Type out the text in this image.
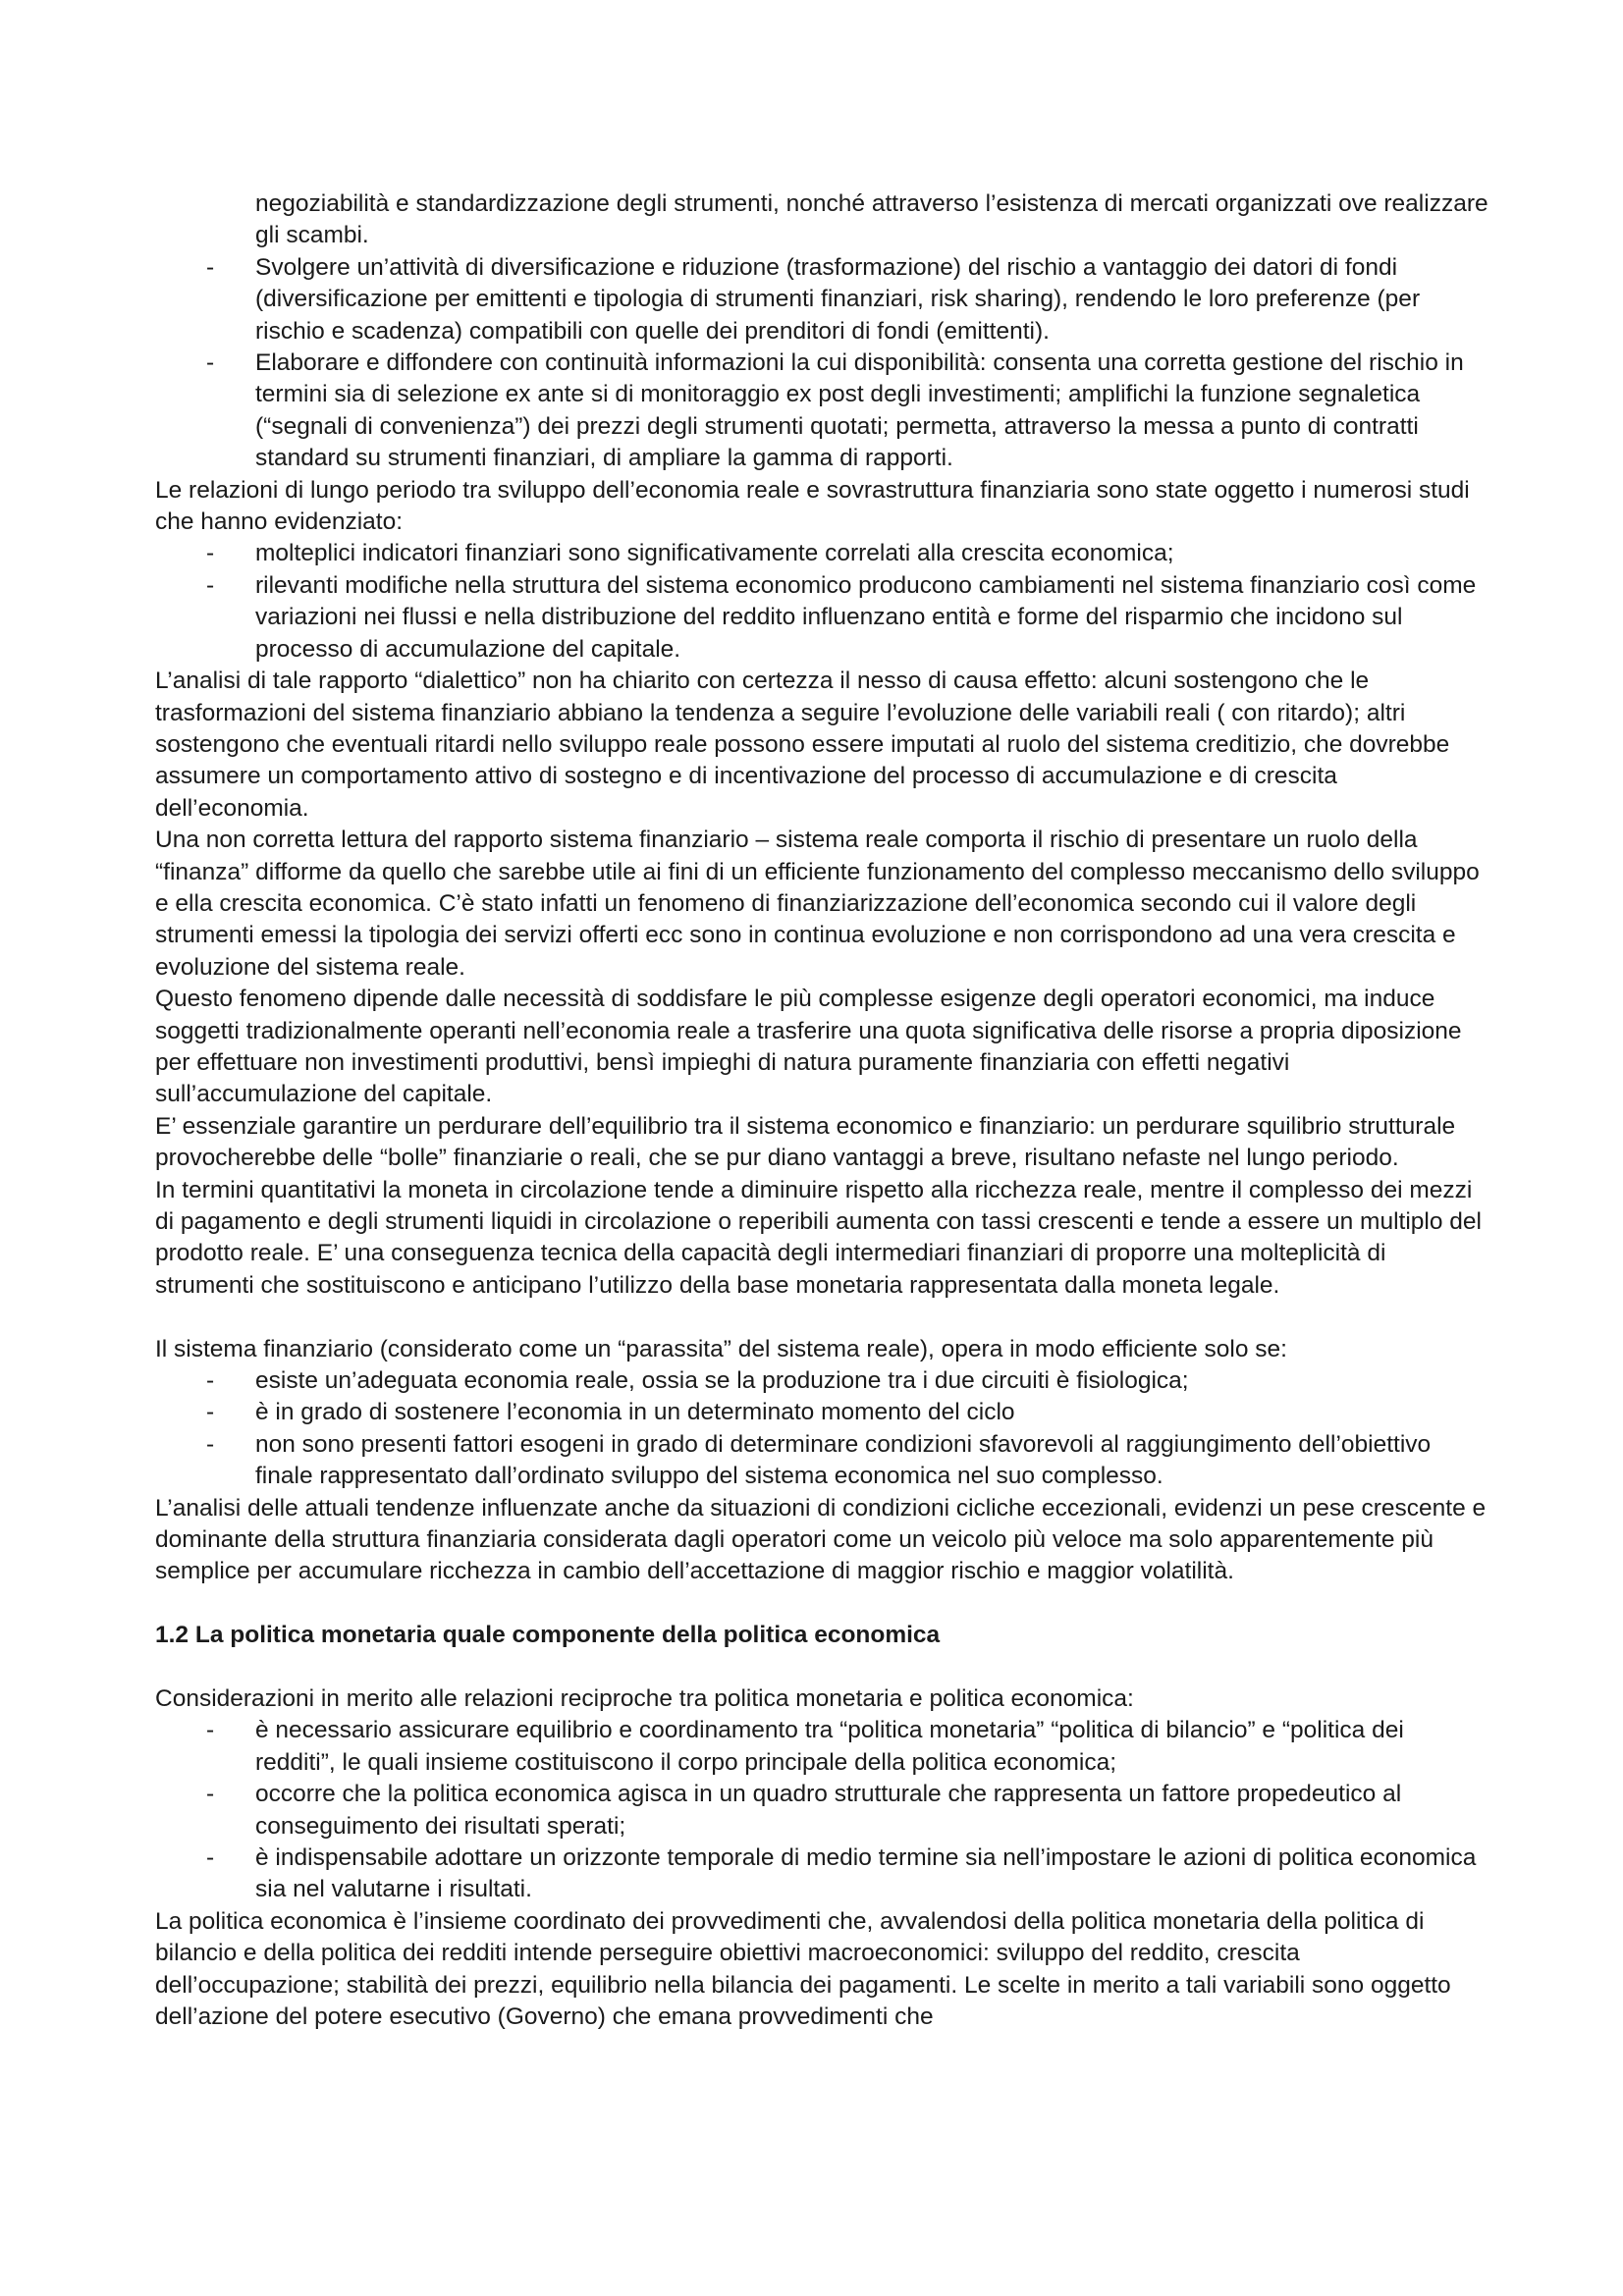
negoziabilità e standardizzazione degli strumenti, nonché attraverso l’esistenza di mercati organizzati ove realizzare gli scambi.

- Svolgere un’attività di diversificazione e riduzione (trasformazione) del rischio a vantaggio dei datori di fondi (diversificazione per emittenti e tipologia di strumenti finanziari, risk sharing), rendendo le loro preferenze (per rischio e scadenza) compatibili con quelle dei prenditori di fondi (emittenti).
- Elaborare e diffondere con continuità informazioni la cui disponibilità: consenta una corretta gestione del rischio in termini sia di selezione ex ante si di monitoraggio ex post degli investimenti; amplifichi la funzione segnaletica (“segnali di convenienza”) dei prezzi degli strumenti quotati; permetta, attraverso la messa a punto di contratti standard su strumenti finanziari, di ampliare la gamma di rapporti.

Le relazioni di lungo periodo tra sviluppo dell’economia reale e sovrastruttura finanziaria sono state oggetto i numerosi studi che hanno evidenziato:

- molteplici indicatori finanziari sono significativamente correlati alla crescita economica;
- rilevanti modifiche nella struttura del sistema economico producono cambiamenti nel sistema finanziario così come variazioni nei flussi e nella distribuzione del reddito influenzano entità e forme del risparmio che incidono sul processo di accumulazione del capitale.

L’analisi di tale rapporto “dialettico” non ha chiarito con certezza il nesso di causa effetto: alcuni sostengono che le trasformazioni del sistema finanziario abbiano la tendenza a seguire l’evoluzione delle variabili reali ( con ritardo); altri sostengono che eventuali ritardi nello sviluppo reale possono essere imputati al ruolo del sistema creditizio, che dovrebbe assumere un comportamento attivo di sostegno e di incentivazione del processo di accumulazione e di crescita dell’economia.

Una non corretta lettura del rapporto sistema finanziario – sistema reale comporta il rischio di presentare un ruolo della “finanza” difforme da quello che sarebbe utile ai fini di un efficiente funzionamento del complesso meccanismo dello sviluppo e ella crescita economica. C’è stato infatti un fenomeno di finanziarizzazione dell’economica secondo cui il valore degli strumenti emessi la tipologia dei servizi offerti ecc sono in continua evoluzione e non corrispondono ad una vera crescita e evoluzione del sistema reale.

Questo fenomeno dipende dalle necessità di soddisfare le più complesse esigenze degli operatori economici, ma induce soggetti tradizionalmente operanti nell’economia reale a trasferire una quota significativa delle risorse a propria diposizione per effettuare non investimenti produttivi, bensì impieghi di natura puramente finanziaria con effetti negativi sull’accumulazione del capitale.

E’ essenziale garantire un perdurare dell’equilibrio tra il sistema economico e finanziario: un perdurare squilibrio strutturale provocherebbe delle “bolle” finanziarie o reali, che se pur diano vantaggi a breve, risultano nefaste nel lungo periodo.

In termini quantitativi la moneta in circolazione tende a diminuire rispetto alla ricchezza reale, mentre il complesso dei mezzi di pagamento e degli strumenti liquidi in circolazione o reperibili aumenta con tassi crescenti e tende a essere un multiplo del prodotto reale. E’ una conseguenza tecnica della capacità degli intermediari finanziari di proporre una molteplicità di strumenti che sostituiscono e anticipano l’utilizzo della base monetaria rappresentata dalla moneta legale.

Il sistema finanziario (considerato come un “parassita” del sistema reale), opera in modo efficiente solo se:

- esiste un’adeguata economia reale, ossia se la produzione tra i due circuiti è fisiologica;
- è in grado di sostenere l’economia in un determinato momento del ciclo
- non sono presenti fattori esogeni in grado di determinare condizioni sfavorevoli al raggiungimento dell’obiettivo finale rappresentato dall’ordinato sviluppo del sistema economica nel suo complesso.

L’analisi delle attuali tendenze influenzate anche da situazioni di condizioni cicliche eccezionali, evidenzi un pese crescente e dominante della struttura finanziaria considerata dagli operatori come un veicolo più veloce ma solo apparentemente più semplice per accumulare ricchezza in cambio dell’accettazione di maggior rischio e maggior volatilità.

1.2 La politica monetaria quale componente della politica economica

Considerazioni in merito alle relazioni reciproche tra politica monetaria e politica economica:

- è necessario assicurare equilibrio e coordinamento tra “politica monetaria” “politica di bilancio” e “politica dei redditi”, le quali insieme costituiscono il corpo principale della politica economica;
- occorre che la politica economica agisca in un quadro strutturale che rappresenta un fattore propedeutico al conseguimento dei risultati sperati;
- è indispensabile adottare un orizzonte temporale di medio termine sia nell’impostare le azioni di politica economica sia nel valutarne i risultati.

La politica economica è l’insieme coordinato dei provvedimenti che, avvalendosi della politica monetaria della politica di bilancio e della politica dei redditi intende perseguire obiettivi macroeconomici: sviluppo del reddito, crescita dell’occupazione; stabilità dei prezzi, equilibrio nella bilancia dei pagamenti. Le scelte in merito a tali variabili sono oggetto dell’azione del potere esecutivo (Governo) che emana provvedimenti che
